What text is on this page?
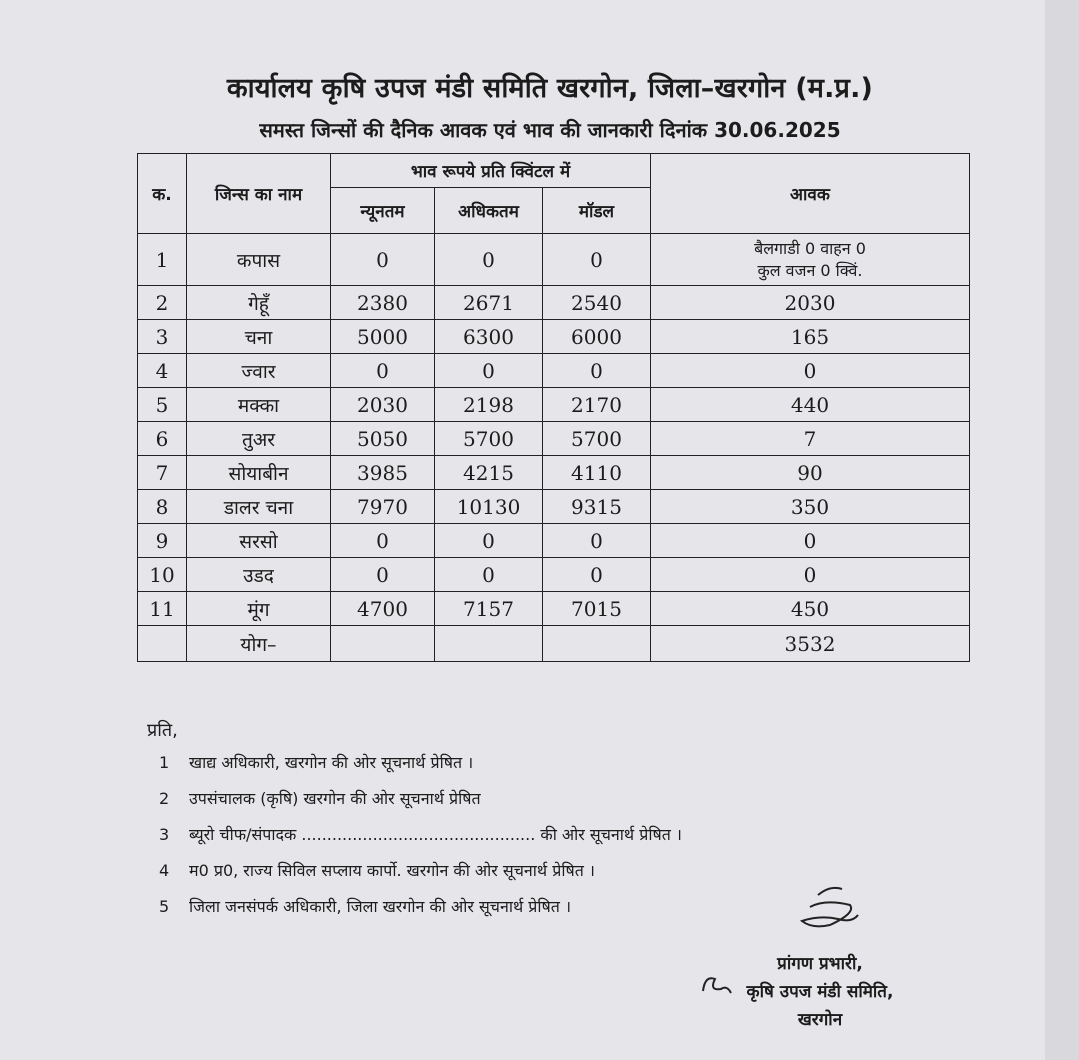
कार्यालय कृषि उपज मंडी समिति खरगोन, जिला–खरगोन (म.प्र.)
समस्त जिन्सों की दैनिक आवक एवं भाव की जानकारी दिनांक 30.06.2025
क.	जिन्स का नाम	भाव रूपये प्रति क्विंटल में			आवक
		न्यूनतम	अधिकतम	मॉडल	
1	कपास	0	0	0	बैलगाडी 0 वाहन 0
कुल वजन 0 क्विं.

2	गेहूँ	2380	2671	2540	2030
3	चना	5000	6300	6000	165
4	ज्वार	0	0	0	0
5	मक्का	2030	2198	2170	440
6	तुअर	5050	5700	5700	7
7	सोयाबीन	3985	4215	4110	90
8	डालर चना	7970	10130	9315	350
9	सरसो	0	0	0	0
10	उडद	0	0	0	0
11	मूंग	4700	7157	7015	450
	योग–				3532
प्रति,
1	खाद्य अधिकारी, खरगोन की ओर सूचनार्थ प्रेषित ।
2	उपसंचालक (कृषि) खरगोन की ओर सूचनार्थ प्रेषित
3	ब्यूरो चीफ/संपादक .............................................. की ओर सूचनार्थ प्रेषित ।
4	म0 प्र0, राज्य सिविल सप्लाय कार्पो. खरगोन की ओर सूचनार्थ प्रेषित ।
5	जिला जनसंपर्क अधिकारी, जिला खरगोन की ओर सूचनार्थ प्रेषित ।
प्रांगण प्रभारी,
कृषि उपज मंडी समिति,
खरगोन
